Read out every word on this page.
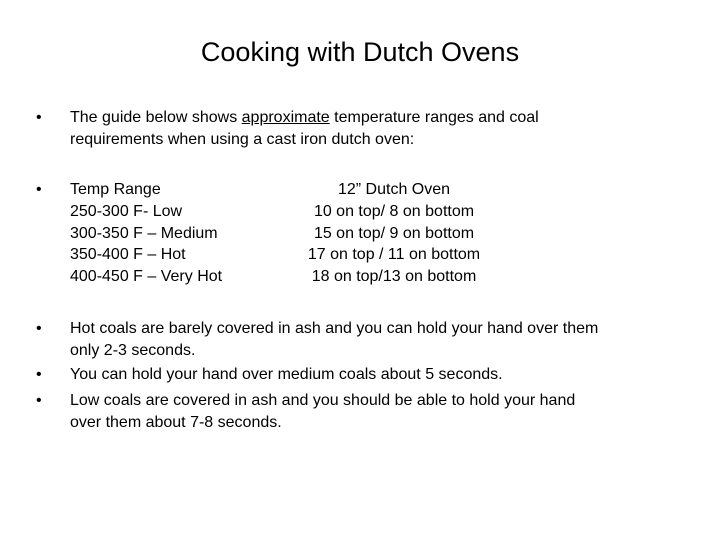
Cooking with Dutch Ovens
• The guide below shows approximate temperature ranges and coal
requirements when using a cast iron dutch oven:
• Temp Range
250-300 F- Low
300-350 F – Medium
350-400 F – Hot
400-450 F – Very Hot
12” Dutch Oven
10 on top/ 8 on bottom
15 on top/ 9 on bottom
17 on top / 11 on bottom
18 on top/13 on bottom
• Hot coals are barely covered in ash and you can hold your hand over them
only 2-3 seconds.
• You can hold your hand over medium coals about 5 seconds.
• Low coals are covered in ash and you should be able to hold your hand
over them about 7-8 seconds.
